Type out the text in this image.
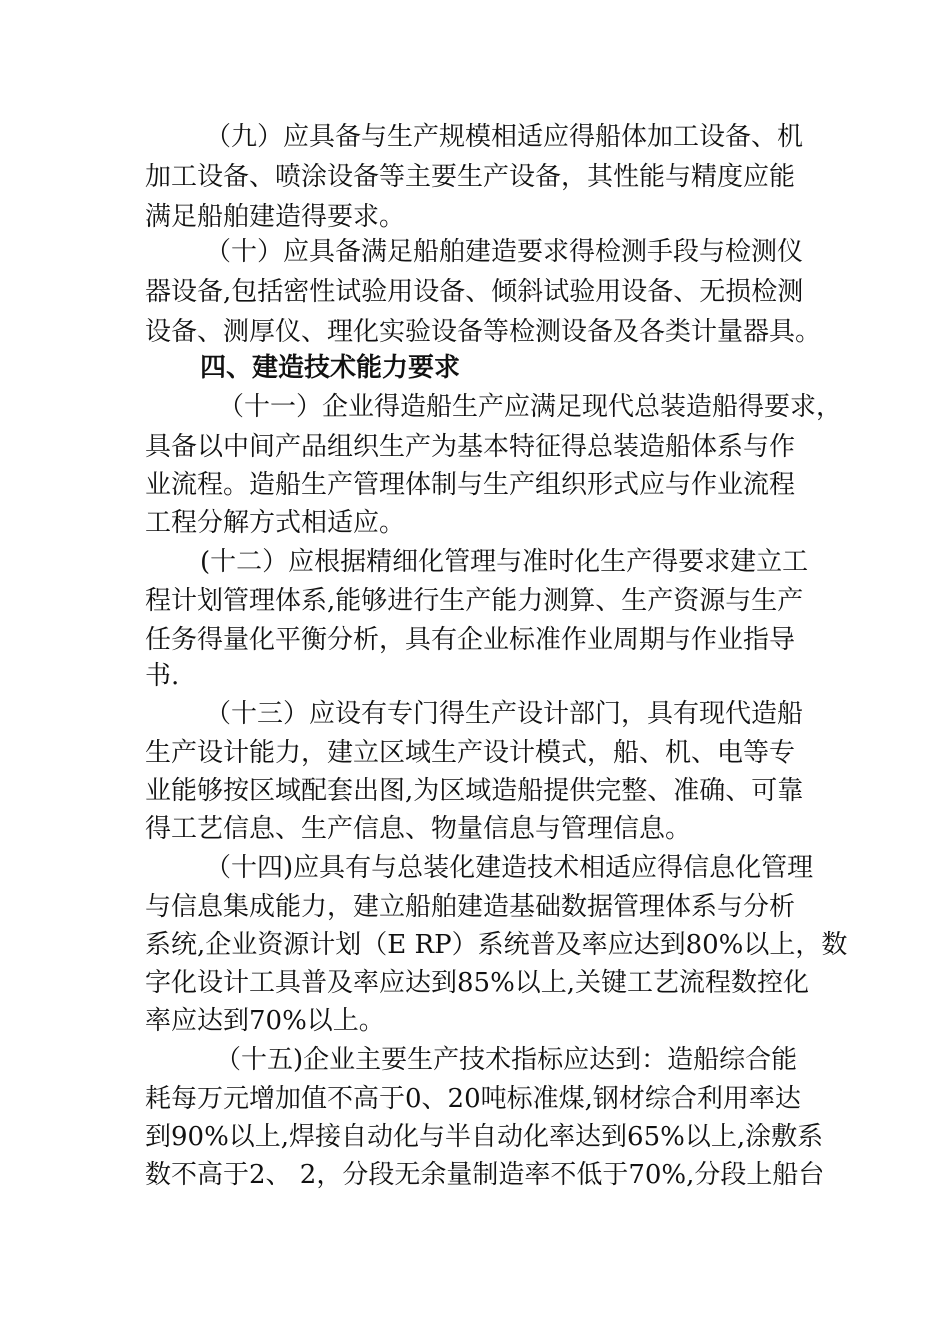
（九）应具备与生产规模相适应得船体加工设备、机
加工设备、喷涂设备等主要生产设备，其性能与精度应能
满足船舶建造得要求。
（十）应具备满足船舶建造要求得检测手段与检测仪
器设备,包括密性试验用设备、倾斜试验用设备、无损检测
设备、测厚仪、理化实验设备等检测设备及各类计量器具。
四、建造技术能力要求
（十一）企业得造船生产应满足现代总装造船得要求，
具备以中间产品组织生产为基本特征得总装造船体系与作
业流程。造船生产管理体制与生产组织形式应与作业流程
工程分解方式相适应。
(十二）应根据精细化管理与准时化生产得要求建立工
程计划管理体系,能够进行生产能力测算、生产资源与生产
任务得量化平衡分析，具有企业标准作业周期与作业指导
书.
（十三）应设有专门得生产设计部门，具有现代造船
生产设计能力，建立区域生产设计模式，船、机、电等专
业能够按区域配套出图,为区域造船提供完整、准确、可靠
得工艺信息、生产信息、物量信息与管理信息。
（十四)应具有与总装化建造技术相适应得信息化管理
与信息集成能力，建立船舶建造基础数据管理体系与分析
系统,企业资源计划（E RP）系统普及率应达到80%以上，数
字化设计工具普及率应达到85%以上,关键工艺流程数控化
率应达到70%以上。
（十五)企业主要生产技术指标应达到：造船综合能
耗每万元增加值不高于0、20吨标准煤,钢材综合利用率达
到90%以上,焊接自动化与半自动化率达到65%以上,涂敷系
数不高于2、 2，分段无余量制造率不低于70%,分段上船台
